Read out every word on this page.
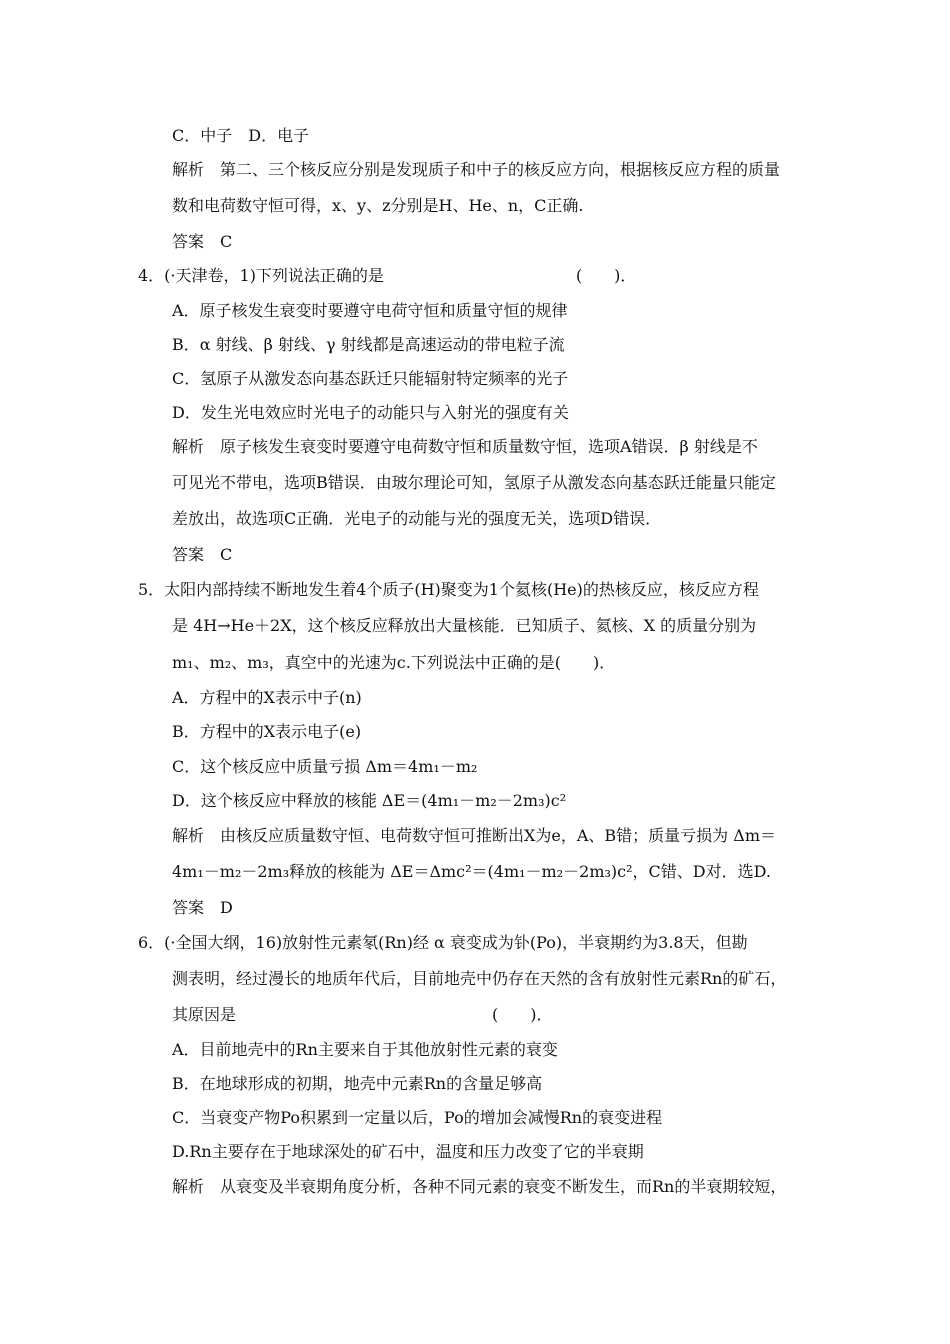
C．中子　D．电子
解析　第二、三个核反应分别是发现质子和中子的核反应方向，根据核反应方程的质量
数和电荷数守恒可得，x、y、z分别是H、He、n，C正确.
答案　C
4．(·天津卷，1)下列说法正确的是　　　　　　　　　　　　(　　)．
A．原子核发生衰变时要遵守电荷守恒和质量守恒的规律
B．α 射线、β 射线、γ 射线都是高速运动的带电粒子流
C．氢原子从激发态向基态跃迁只能辐射特定频率的光子
D．发生光电效应时光电子的动能只与入射光的强度有关
解析　原子核发生衰变时要遵守电荷数守恒和质量数守恒，选项A错误．β 射线是不
可见光不带电，选项B错误．由玻尔理论可知，氢原子从激发态向基态跃迁能量只能定
差放出，故选项C正确．光电子的动能与光的强度无关，选项D错误．
答案　C
5．太阳内部持续不断地发生着4个质子(H)聚变为1个氦核(He)的热核反应，核反应方程
是 4H→He＋2X，这个核反应释放出大量核能．已知质子、氦核、X 的质量分别为
m₁、m₂、m₃，真空中的光速为c.下列说法中正确的是(　　)．
A．方程中的X表示中子(n)
B．方程中的X表示电子(e)
C．这个核反应中质量亏损 Δm＝4m₁－m₂
D．这个核反应中释放的核能 ΔE＝(4m₁－m₂－2m₃)c²
解析　由核反应质量数守恒、电荷数守恒可推断出X为e，A、B错；质量亏损为 Δm＝
4m₁－m₂－2m₃释放的核能为 ΔE＝Δmc²＝(4m₁－m₂－2m₃)c²，C错、D对．选D.
答案　D
6．(·全国大纲，16)放射性元素氡(Rn)经 α 衰变成为钋(Po)，半衰期约为3.8天，但勘
测表明，经过漫长的地质年代后，目前地壳中仍存在天然的含有放射性元素Rn的矿石，
其原因是　　　　　　　　　　　　　　　　(　　)．
A．目前地壳中的Rn主要来自于其他放射性元素的衰变
B．在地球形成的初期，地壳中元素Rn的含量足够高
C．当衰变产物Po积累到一定量以后，Po的增加会减慢Rn的衰变进程
D.Rn主要存在于地球深处的矿石中，温度和压力改变了它的半衰期
解析　从衰变及半衰期角度分析，各种不同元素的衰变不断发生，而Rn的半衰期较短，
